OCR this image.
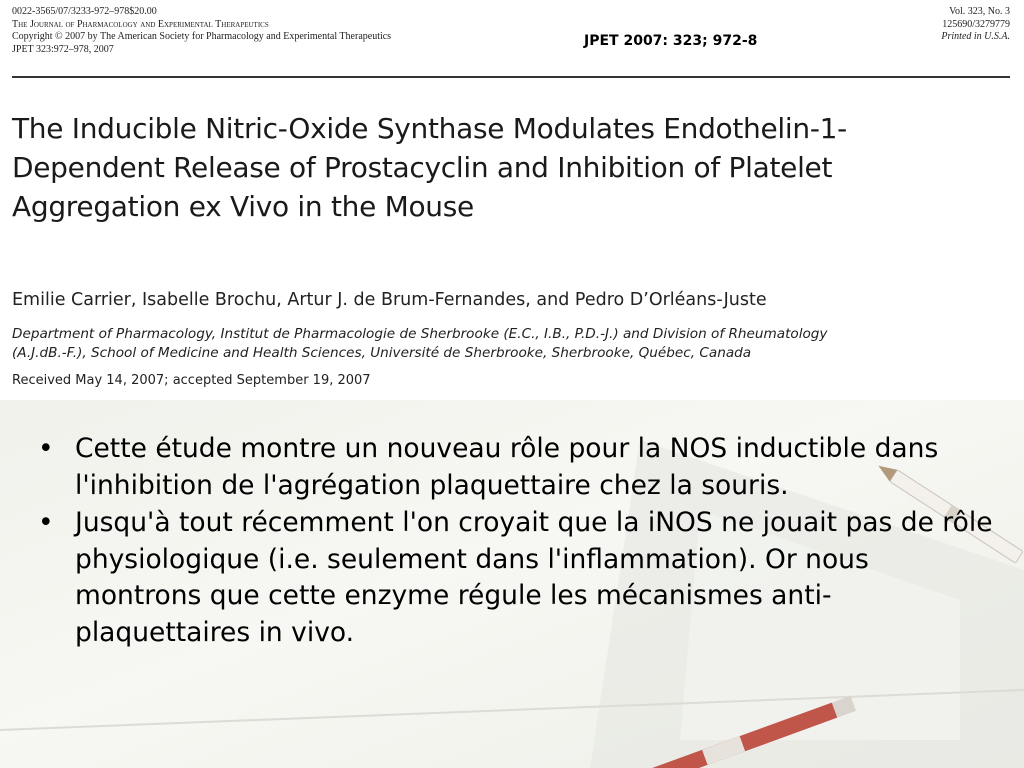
0022-3565/07/3233-972–978$20.00
The Journal of Pharmacology and Experimental Therapeutics
Copyright © 2007 by The American Society for Pharmacology and Experimental Therapeutics
JPET 323:972–978, 2007
Vol. 323, No. 3
125690/3279779
Printed in U.S.A.
JPET 2007: 323; 972-8
The Inducible Nitric-Oxide Synthase Modulates Endothelin-1-
Dependent Release of Prostacyclin and Inhibition of Platelet
Aggregation ex Vivo in the Mouse
Emilie Carrier, Isabelle Brochu, Artur J. de Brum-Fernandes, and Pedro D’Orléans-Juste
Department of Pharmacology, Institut de Pharmacologie de Sherbrooke (E.C., I.B., P.D.-J.) and Division of Rheumatology
(A.J.dB.-F.), School of Medicine and Health Sciences, Université de Sherbrooke, Sherbrooke, Québec, Canada
Received May 14, 2007; accepted September 19, 2007
• Cette étude montre un nouveau rôle pour la NOS inductible dans l'inhibition de l'agrégation plaquettaire chez la souris.
• Jusqu'à tout récemment l'on croyait que la iNOS ne jouait pas de rôle physiologique (i.e. seulement dans l'inflammation). Or nous montrons que cette enzyme régule les mécanismes anti-plaquettaires in vivo.
